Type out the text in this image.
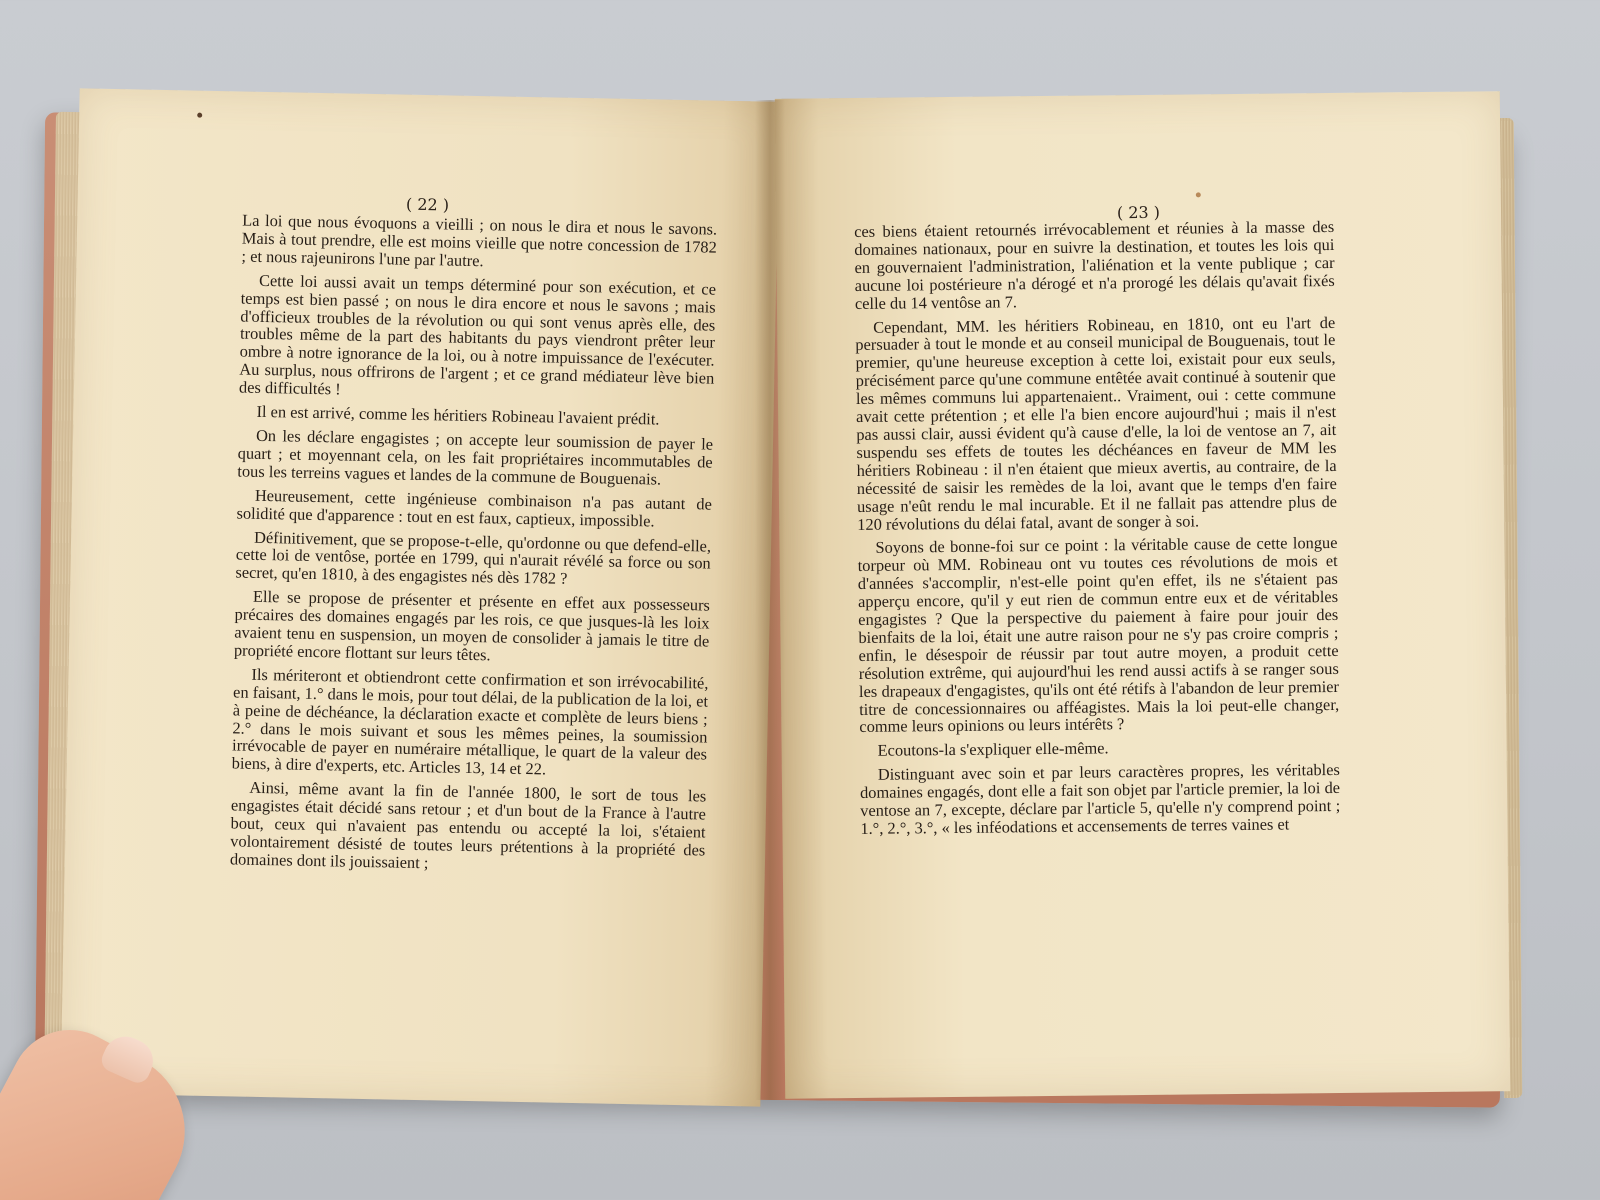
( 22 )

La loi que nous évoquons a vieilli ; on nous le dira et nous le savons. Mais à tout prendre, elle est moins vieille que notre concession de 1782 ; et nous rajeunirons l'une par l'autre.

Cette loi aussi avait un temps déterminé pour son exécution, et ce temps est bien passé ; on nous le dira encore et nous le savons ; mais d'officieux troubles de la révolution ou qui sont venus après elle, des troubles même de la part des habitants du pays viendront prêter leur ombre à notre ignorance de la loi, ou à notre impuissance de l'exécuter. Au surplus, nous offrirons de l'argent ; et ce grand médiateur lève bien des difficultés !

Il en est arrivé, comme les héritiers Robineau l'avaient prédit.

On les déclare engagistes ; on accepte leur soumission de payer le quart ; et moyennant cela, on les fait propriétaires incommutables de tous les terreins vagues et landes de la commune de Bouguenais.

Heureusement, cette ingénieuse combinaison n'a pas autant de solidité que d'apparence : tout en est faux, captieux, impossible.

Définitivement, que se propose-t-elle, qu'ordonne ou que defend-elle, cette loi de ventôse, portée en 1799, qui n'aurait révélé sa force ou son secret, qu'en 1810, à des engagistes nés dès 1782 ?

Elle se propose de présenter et présente en effet aux possesseurs précaires des domaines engagés par les rois, ce que jusques-là les loix avaient tenu en suspension, un moyen de consolider à jamais le titre de propriété encore flottant sur leurs têtes.

Ils mériteront et obtiendront cette confirmation et son irrévocabilité, en faisant, 1.° dans le mois, pour tout délai, de la publication de la loi, et à peine de déchéance, la déclaration exacte et complète de leurs biens ; 2.° dans le mois suivant et sous les mêmes peines, la soumission irrévocable de payer en numéraire métallique, le quart de la valeur des biens, à dire d'experts, etc. Articles 13, 14 et 22.

Ainsi, même avant la fin de l'année 1800, le sort de tous les engagistes était décidé sans retour ; et d'un bout de la France à l'autre bout, ceux qui n'avaient pas entendu ou accepté la loi, s'étaient volontairement désisté de toutes leurs prétentions à la propriété des domaines dont ils jouissaient ;

( 23 )

ces biens étaient retournés irrévocablement et réunies à la masse des domaines nationaux, pour en suivre la destination, et toutes les lois qui en gouvernaient l'administration, l'aliénation et la vente publique ; car aucune loi postérieure n'a dérogé et n'a prorogé les délais qu'avait fixés celle du 14 ventôse an 7.

Cependant, MM. les héritiers Robineau, en 1810, ont eu l'art de persuader à tout le monde et au conseil municipal de Bouguenais, tout le premier, qu'une heureuse exception à cette loi, existait pour eux seuls, précisément parce qu'une commune entêtée avait continué à soutenir que les mêmes communs lui appartenaient.. Vraiment, oui : cette commune avait cette prétention ; et elle l'a bien encore aujourd'hui ; mais il n'est pas aussi clair, aussi évident qu'à cause d'elle, la loi de ventose an 7, ait suspendu ses effets de toutes les déchéances en faveur de MM les héritiers Robineau : il n'en étaient que mieux avertis, au contraire, de la nécessité de saisir les remèdes de la loi, avant que le temps d'en faire usage n'eût rendu le mal incurable. Et il ne fallait pas attendre plus de 120 révolutions du délai fatal, avant de songer à soi.

Soyons de bonne-foi sur ce point : la véritable cause de cette longue torpeur où MM. Robineau ont vu toutes ces révolutions de mois et d'années s'accomplir, n'est-elle point qu'en effet, ils ne s'étaient pas apperçu encore, qu'il y eut rien de commun entre eux et de véritables engagistes ? Que la perspective du paiement à faire pour jouir des bienfaits de la loi, était une autre raison pour ne s'y pas croire compris ; enfin, le désespoir de réussir par tout autre moyen, a produit cette résolution extrême, qui aujourd'hui les rend aussi actifs à se ranger sous les drapeaux d'engagistes, qu'ils ont été rétifs à l'abandon de leur premier titre de concessionnaires ou afféagistes. Mais la loi peut-elle changer, comme leurs opinions ou leurs intérêts ?

Ecoutons-la s'expliquer elle-même.

Distinguant avec soin et par leurs caractères propres, les véritables domaines engagés, dont elle a fait son objet par l'article premier, la loi de ventose an 7, excepte, déclare par l'article 5, qu'elle n'y comprend point ; 1.°, 2.°, 3.°, « les inféodations et accensements de terres vaines et
